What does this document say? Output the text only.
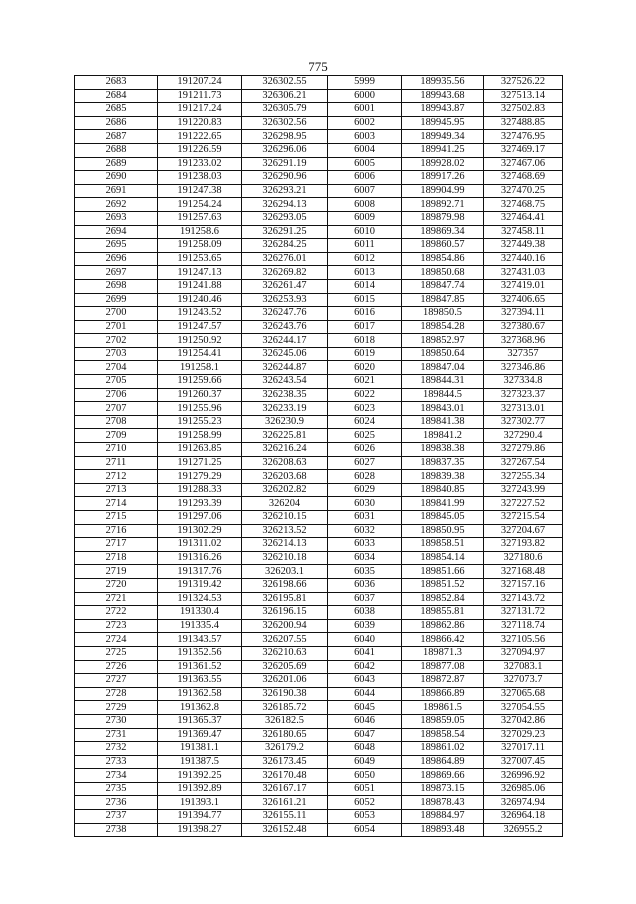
775
2683	191207.24	326302.55	5999	189935.56	327526.22
2684	191211.73	326306.21	6000	189943.68	327513.14
2685	191217.24	326305.79	6001	189943.87	327502.83
2686	191220.83	326302.56	6002	189945.95	327488.85
2687	191222.65	326298.95	6003	189949.34	327476.95
2688	191226.59	326296.06	6004	189941.25	327469.17
2689	191233.02	326291.19	6005	189928.02	327467.06
2690	191238.03	326290.96	6006	189917.26	327468.69
2691	191247.38	326293.21	6007	189904.99	327470.25
2692	191254.24	326294.13	6008	189892.71	327468.75
2693	191257.63	326293.05	6009	189879.98	327464.41
2694	191258.6	326291.25	6010	189869.34	327458.11
2695	191258.09	326284.25	6011	189860.57	327449.38
2696	191253.65	326276.01	6012	189854.86	327440.16
2697	191247.13	326269.82	6013	189850.68	327431.03
2698	191241.88	326261.47	6014	189847.74	327419.01
2699	191240.46	326253.93	6015	189847.85	327406.65
2700	191243.52	326247.76	6016	189850.5	327394.11
2701	191247.57	326243.76	6017	189854.28	327380.67
2702	191250.92	326244.17	6018	189852.97	327368.96
2703	191254.41	326245.06	6019	189850.64	327357
2704	191258.1	326244.87	6020	189847.04	327346.86
2705	191259.66	326243.54	6021	189844.31	327334.8
2706	191260.37	326238.35	6022	189844.5	327323.37
2707	191255.96	326233.19	6023	189843.01	327313.01
2708	191255.23	326230.9	6024	189841.38	327302.77
2709	191258.99	326225.81	6025	189841.2	327290.4
2710	191263.85	326216.24	6026	189838.38	327279.86
2711	191271.25	326208.63	6027	189837.35	327267.54
2712	191279.29	326203.68	6028	189839.38	327255.34
2713	191288.33	326202.82	6029	189840.85	327243.99
2714	191293.39	326204	6030	189841.99	327227.52
2715	191297.06	326210.15	6031	189845.05	327215.54
2716	191302.29	326213.52	6032	189850.95	327204.67
2717	191311.02	326214.13	6033	189858.51	327193.82
2718	191316.26	326210.18	6034	189854.14	327180.6
2719	191317.76	326203.1	6035	189851.66	327168.48
2720	191319.42	326198.66	6036	189851.52	327157.16
2721	191324.53	326195.81	6037	189852.84	327143.72
2722	191330.4	326196.15	6038	189855.81	327131.72
2723	191335.4	326200.94	6039	189862.86	327118.74
2724	191343.57	326207.55	6040	189866.42	327105.56
2725	191352.56	326210.63	6041	189871.3	327094.97
2726	191361.52	326205.69	6042	189877.08	327083.1
2727	191363.55	326201.06	6043	189872.87	327073.7
2728	191362.58	326190.38	6044	189866.89	327065.68
2729	191362.8	326185.72	6045	189861.5	327054.55
2730	191365.37	326182.5	6046	189859.05	327042.86
2731	191369.47	326180.65	6047	189858.54	327029.23
2732	191381.1	326179.2	6048	189861.02	327017.11
2733	191387.5	326173.45	6049	189864.89	327007.45
2734	191392.25	326170.48	6050	189869.66	326996.92
2735	191392.89	326167.17	6051	189873.15	326985.06
2736	191393.1	326161.21	6052	189878.43	326974.94
2737	191394.77	326155.11	6053	189884.97	326964.18
2738	191398.27	326152.48	6054	189893.48	326955.2
